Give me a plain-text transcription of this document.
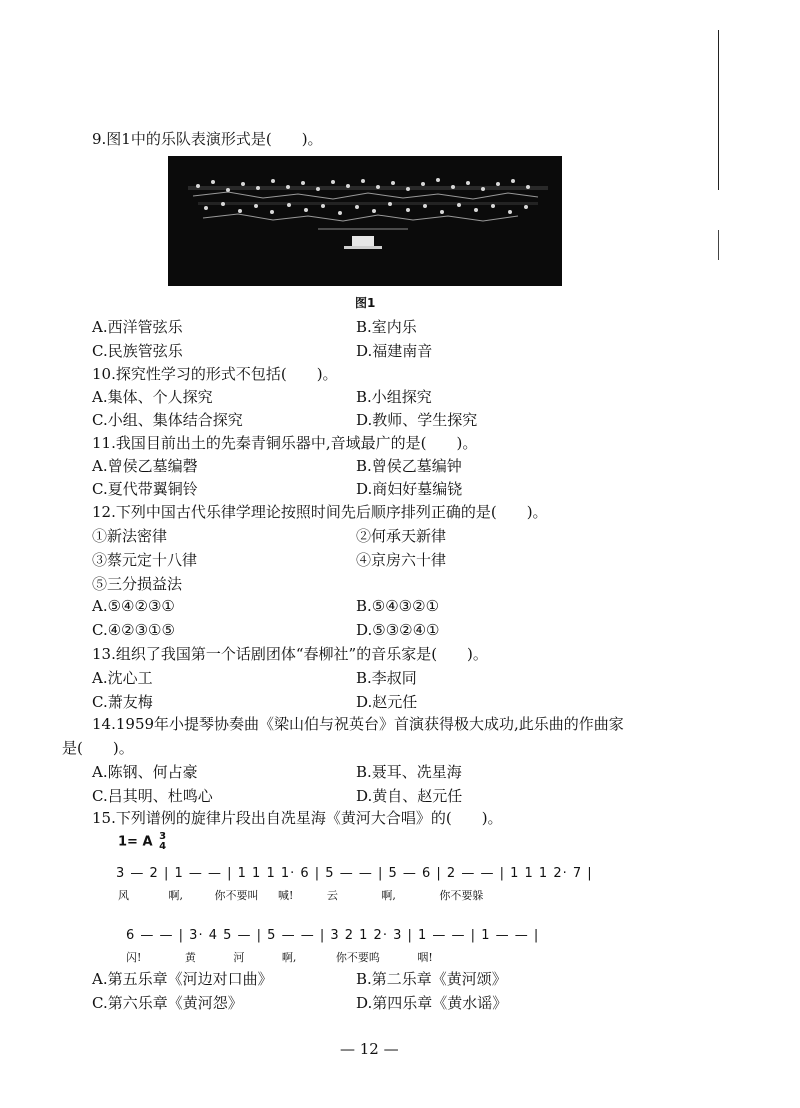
9.图1中的乐队表演形式是(　　)。
图1
A.西洋管弦乐	B.室内乐
C.民族管弦乐	D.福建南音
10.探究性学习的形式不包括(　　)。
A.集体、个人探究	B.小组探究
C.小组、集体结合探究	D.教师、学生探究
11.我国目前出土的先秦青铜乐器中,音域最广的是(　　)。
A.曾侯乙墓编磬	B.曾侯乙墓编钟
C.夏代带翼铜铃	D.商妇好墓编铙
12.下列中国古代乐律学理论按照时间先后顺序排列正确的是(　　)。
①新法密律	②何承天新律
③蔡元定十八律	④京房六十律
⑤三分损益法
A.⑤④②③①	B.⑤④③②①
C.④②③①⑤	D.⑤③②④①
13.组织了我国第一个话剧团体“春柳社”的音乐家是(　　)。
A.沈心工	B.李叔同
C.萧友梅	D.赵元任
14.1959年小提琴协奏曲《梁山伯与祝英台》首演获得极大成功,此乐曲的作曲家
是(　　)。
A.陈钢、何占豪	B.聂耳、冼星海
C.吕其明、杜鸣心	D.黄自、赵元任
15.下列谱例的旋律片段出自冼星海《黄河大合唱》的(　　)。
1= A 3
4
3 — 2 | 1 — — | 1 1 1 1· 6 | 5 — — | 5 — 6 | 2 — — | 1 1 1 2· 7 |
风	啊,	你不要叫 喊!	云	啊,	你不要躲
6 — — | 3· 4 5 — | 5 — — | 3 2 1 2· 3 | 1 — — | 1 — — |
闪!	黄	河	啊,	你不要呜	咽!
A.第五乐章《河边对口曲》	B.第二乐章《黄河颂》
C.第六乐章《黄河怨》	D.第四乐章《黄水谣》
— 12 —
